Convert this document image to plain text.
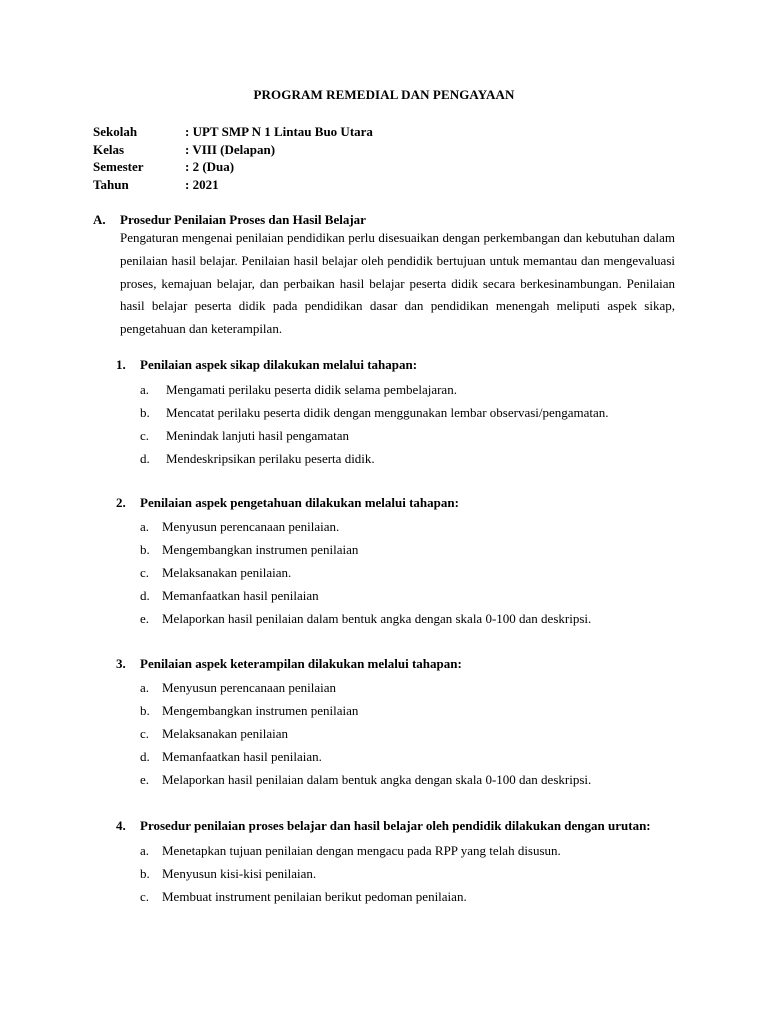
PROGRAM REMEDIAL DAN PENGAYAAN
Sekolah	: UPT SMP N 1 Lintau Buo Utara
Kelas	: VIII (Delapan)
Semester	: 2 (Dua)
Tahun	: 2021
A. Prosedur Penilaian Proses dan Hasil Belajar
Pengaturan mengenai penilaian pendidikan perlu disesuaikan dengan perkembangan dan kebutuhan dalam penilaian hasil belajar. Penilaian hasil belajar oleh pendidik bertujuan untuk memantau dan mengevaluasi proses, kemajuan belajar, dan perbaikan hasil belajar peserta didik secara berkesinambungan. Penilaian hasil belajar peserta didik pada pendidikan dasar dan pendidikan menengah meliputi aspek sikap, pengetahuan dan keterampilan.
1.	Penilaian aspek sikap dilakukan melalui tahapan:
a.	Mengamati perilaku peserta didik selama pembelajaran.
b.	Mencatat perilaku peserta didik dengan menggunakan lembar observasi/pengamatan.
c.	Menindak lanjuti hasil pengamatan
d.	Mendeskripsikan perilaku peserta didik.
2.	Penilaian aspek pengetahuan dilakukan melalui tahapan:
a. Menyusun perencanaan penilaian.
b. Mengembangkan instrumen penilaian
c. Melaksanakan penilaian.
d. Memanfaatkan hasil penilaian
e. Melaporkan hasil penilaian dalam bentuk angka dengan skala 0-100 dan deskripsi.
3.	Penilaian aspek keterampilan dilakukan melalui tahapan:
a. Menyusun perencanaan penilaian
b. Mengembangkan instrumen penilaian
c. Melaksanakan penilaian
d. Memanfaatkan hasil penilaian.
e. Melaporkan hasil penilaian dalam bentuk angka dengan skala 0-100 dan deskripsi.
4.	Prosedur penilaian proses belajar dan hasil belajar oleh pendidik dilakukan dengan urutan:
a. Menetapkan tujuan penilaian dengan mengacu pada RPP yang telah disusun.
b. Menyusun kisi-kisi penilaian.
c. Membuat instrument penilaian berikut pedoman penilaian.
